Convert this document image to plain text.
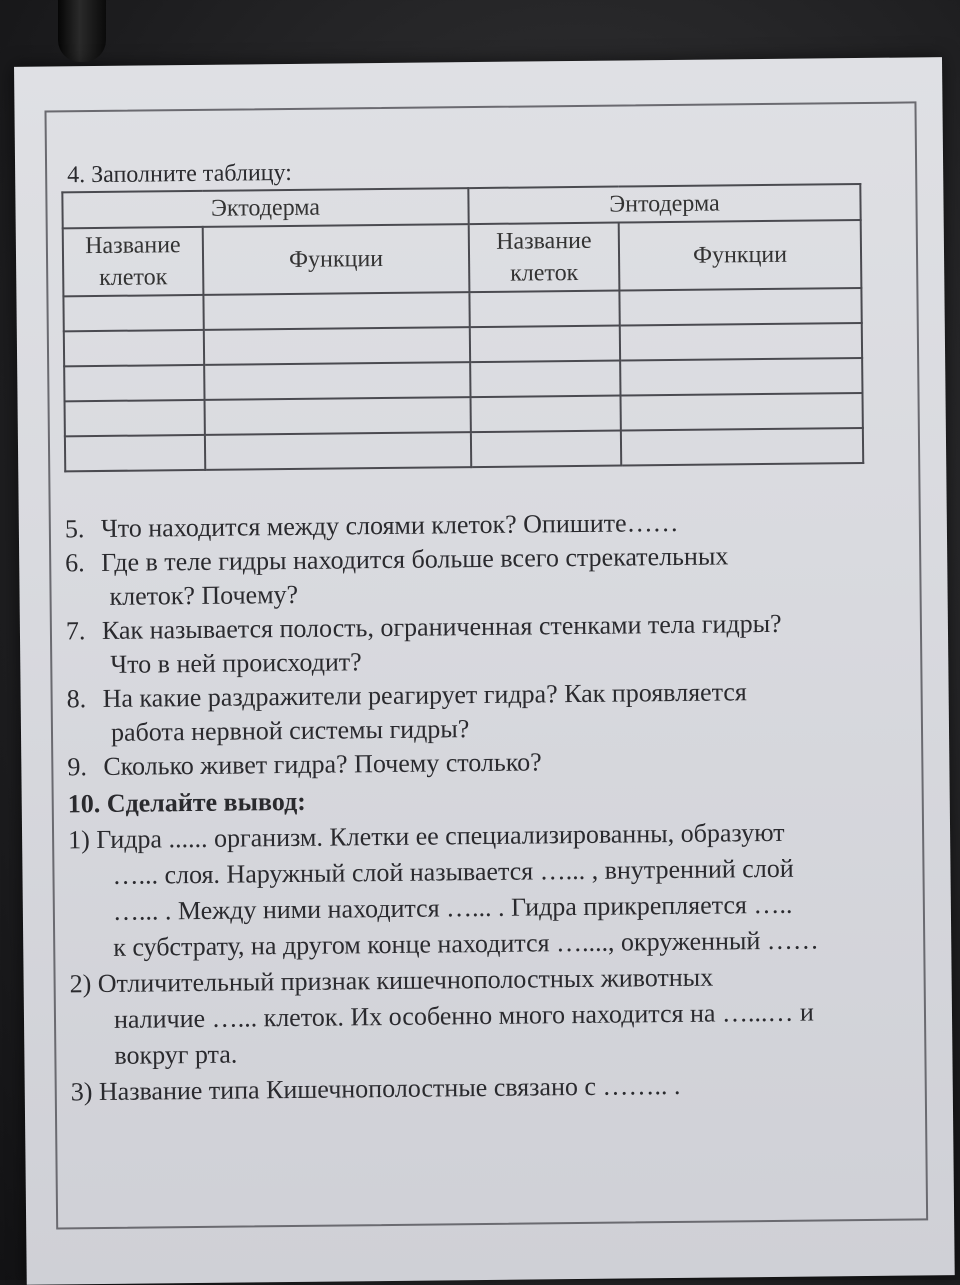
4. Заполните таблицу:

Эктодерма		Энтодерма	
Название клеток	Функции	Название клеток	Функции

5. Что находится между слоями клеток? Опишите……

6. Где в теле гидры находится больше всего стрекательных

клеток? Почему?

7. Как называется полость, ограниченная стенками тела гидры?

Что в ней происходит?

8. На какие раздражители реагирует гидра? Как проявляется

работа нервной системы гидры?

9. Сколько живет гидра? Почему столько?

10. Сделайте вывод:

1) Гидра ...... организм. Клетки ее специализированны, образуют

…... слоя. Наружный слой называется …... , внутренний слой

…... . Между ними находится …... . Гидра прикрепляется …..

к субстрату, на другом конце находится …...., окруженный ……

2) Отличительный признак кишечнополостных животных

наличие …... клеток. Их особенно много находится на …...… и

вокруг рта.

3) Название типа Кишечнополостные связано с …….. .
